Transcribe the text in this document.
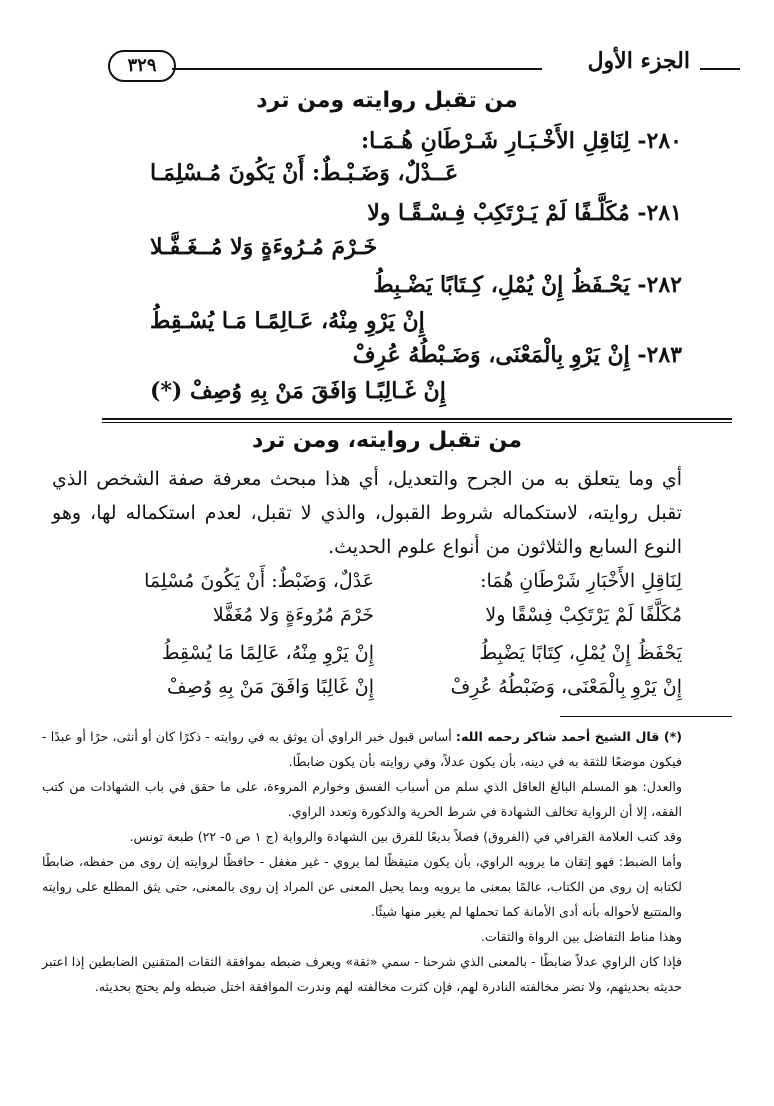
الجزء الأول
٣٢٩
من تقبل روايته ومن ترد
٢٨٠- لِنَاقِلِ الأَخْـبَـارِ شَـرْطَانِ هُـمَـا:
عَــدْلٌ، وَضَـبْـطٌ: أَنْ يَكُونَ مُـسْلِمَـا
٢٨١- مُكَلَّـفًا لَمْ يَـرْتَكِبْ فِـسْـقًـا ولا
خَـرْمَ مُـرُوءَةٍ وَلا مُــغَـفَّـلا
٢٨٢- يَحْـفَظُ إِنْ يُمْلِ، كِـتَابًا يَضْـبِطُ
إِنْ يَرْوِ مِنْهُ، عَـالِمًـا مَـا يُسْـقِطُ
٢٨٣- إِنْ يَرْوِ بِالْمَعْنَى، وَضَـبْطُهُ عُرِفْ
إِنْ غَـالِبًـا وَافَقَ مَنْ بِهِ وُصِفْ (*)
من تقبل روايته، ومن ترد
أي وما يتعلق به من الجرح والتعديل، أي هذا مبحث معرفة صفة الشخص الذي تقبل روايته، لاستكماله شروط القبول، والذي لا تقبل، لعدم استكماله لها، وهو النوع السابع والثلاثون من أنواع علوم الحديث.
لِنَاقِلِ الأَخْبَارِ شَرْطَانِ هُمَا:
عَدْلٌ، وَضَبْطٌ: أَنْ يَكُونَ مُسْلِمَا
مُكَلَّفًا لَمْ يَرْتَكِبْ فِسْقًا ولا
خَرْمَ مُرُوءَةٍ وَلا مُغَفَّلا
يَحْفَظُ إِنْ يُمْلِ، كِتَابًا يَضْبِطُ
إِنْ يَرْوِ مِنْهُ، عَالِمًا مَا يُسْقِطُ
إِنْ يَرْوِ بِالْمَعْنَى، وَضَبْطُهُ عُرِفْ
إِنْ غَالِبًا وَافَقَ مَنْ بِهِ وُصِفْ

(*) قال الشيخ أحمد شاكر رحمه الله: أساس قبول خبر الراوي أن يوثق به في روايته - ذكرًا كان أو أنثى، حرًا أو عبدًا - فيكون موضعًا للثقة به في دينه، بأن يكون عدلاً، وفي روايته بأن يكون ضابطًا.

والعدل: هو المسلم البالغ العاقل الذي سلم من أسباب الفسق وخوارم المروءة، على ما حقق في باب الشهادات من كتب الفقه، إلا أن الرواية تخالف الشهادة في شرط الحرية والذكورة وتعدد الراوي.

وقد كتب العلامة القرافي في (الفروق) فصلاً بديعًا للفرق بين الشهادة والرواية (ج ١ ص ٥- ٢٢) طبعة تونس.

وأما الضبط: فهو إتقان ما يرويه الراوي، بأن يكون متيقظًا لما يروي - غير مغفل - حافظًا لروايته إن روى من حفظه، ضابطًا لكتابه إن روى من الكتاب، عالمًا بمعنى ما يرويه وبما يحيل المعنى عن المراد إن روى بالمعنى، حتى يثق المطلع على روايته والمتتبع لأحواله بأنه أدى الأمانة كما تحملها لم يغير منها شيئًا.

وهذا مناط التفاضل بين الرواة والثقات.

فإذا كان الراوي عدلاً ضابطًا - بالمعنى الذي شرحنا - سمي «ثقة» ويعرف ضبطه بموافقة الثقات المتقنين الضابطين إذا اعتبر حديثه بحديثهم، ولا تضر مخالفته النادرة لهم، فإن كثرت مخالفته لهم وندرت الموافقة اختل ضبطه ولم يحتج بحديثه.
